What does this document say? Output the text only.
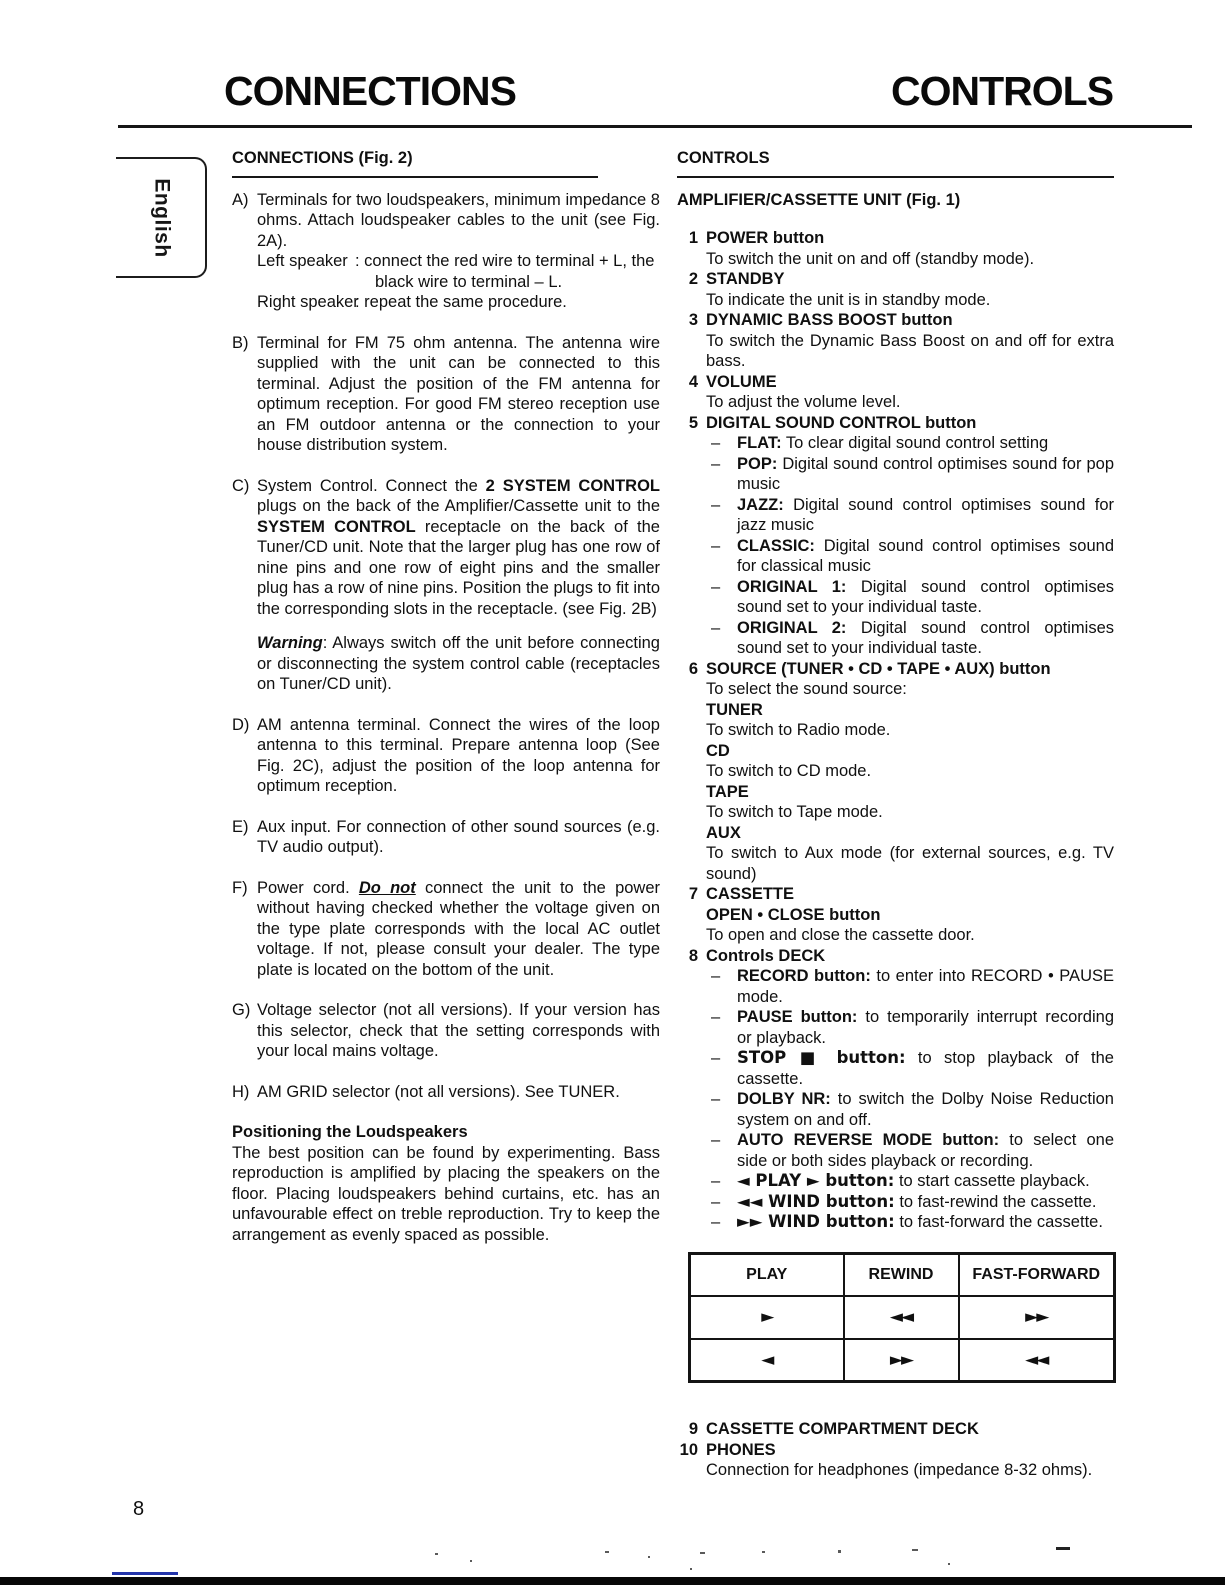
CONNECTIONS	CONTROLS
English
CONNECTIONS (Fig. 2)
A) Terminals for two loudspeakers, minimum impedance 8 ohms. Attach loudspeaker cables to the unit (see Fig. 2A).
Left speaker : connect the red wire to terminal + L, the
black wire to terminal – L.
Right speaker
: repeat the same procedure.
B) Terminal for FM 75 ohm antenna. The antenna wire supplied with the unit can be connected to this terminal. Adjust the position of the FM antenna for optimum reception. For good FM stereo reception use an FM outdoor antenna or the connection to your house distribution system.
C) System Control. Connect the 2 SYSTEM CONTROL plugs on the back of the Amplifier/Cassette unit to the SYSTEM CONTROL receptacle on the back of the Tuner/CD unit. Note that the larger plug has one row of nine pins and one row of eight pins and the smaller plug has a row of nine pins. Position the plugs to fit into the corresponding slots in the receptacle. (see Fig. 2B)
Warning: Always switch off the unit before connecting or disconnecting the system control cable (receptacles on Tuner/CD unit).
D) AM antenna terminal. Connect the wires of the loop antenna to this terminal. Prepare antenna loop (See Fig. 2C), adjust the position of the loop antenna for optimum reception.
E) Aux input. For connection of other sound sources (e.g. TV audio output).
F) Power cord. Do not connect the unit to the power without having checked whether the voltage given on the type plate corresponds with the local AC outlet voltage. If not, please consult your dealer. The type plate is located on the bottom of the unit.
G) Voltage selector (not all versions). If your version has this selector, check that the setting corresponds with your local mains voltage.
H) AM GRID selector (not all versions). See TUNER.
Positioning the Loudspeakers
The best position can be found by experimenting. Bass reproduction is amplified by placing the speakers on the floor. Placing loudspeakers behind curtains, etc. has an unfavourable effect on treble reproduction. Try to keep the arrangement as evenly spaced as possible.
CONTROLS
AMPLIFIER/CASSETTE UNIT (Fig. 1)
1 POWER button
To switch the unit on and off (standby mode).
2 STANDBY
To indicate the unit is in standby mode.
3 DYNAMIC BASS BOOST button
To switch the Dynamic Bass Boost on and off for extra bass.
4 VOLUME
To adjust the volume level.
5 DIGITAL SOUND CONTROL button
–	FLAT: To clear digital sound control setting
–	POP: Digital sound control optimises sound for pop music
–	JAZZ: Digital sound control optimises sound for jazz music
–	CLASSIC: Digital sound control optimises sound for classical music
–	ORIGINAL 1: Digital sound control optimises sound set to your individual taste.
–	ORIGINAL 2: Digital sound control optimises sound set to your individual taste.
6 SOURCE (TUNER • CD • TAPE • AUX) button
To select the sound source:
TUNER
To switch to Radio mode.
CD
To switch to CD mode.
TAPE
To switch to Tape mode.
AUX
To switch to Aux mode (for external sources, e.g. TV sound)
7 CASSETTE
OPEN • CLOSE button
To open and close the cassette door.
8 Controls DECK
–	RECORD button: to enter into RECORD • PAUSE mode.
–	PAUSE button: to temporarily interrupt recording or playback.
–	STOP ■ button: to stop playback of the cassette.
–	DOLBY NR: to switch the Dolby Noise Reduction system on and off.
–	AUTO REVERSE MODE button: to select one side or both sides playback or recording.
–	◄ PLAY ► button: to start cassette playback.
–	◄◄ WIND button: to fast-rewind the cassette.
–	►► WIND button: to fast-forward the cassette.
PLAY	REWIND	FAST-FORWARD
►	◄◄	►►
◄	►►	◄◄
9 CASSETTE COMPARTMENT DECK
10 PHONES
Connection for headphones (impedance 8-32 ohms).
8
